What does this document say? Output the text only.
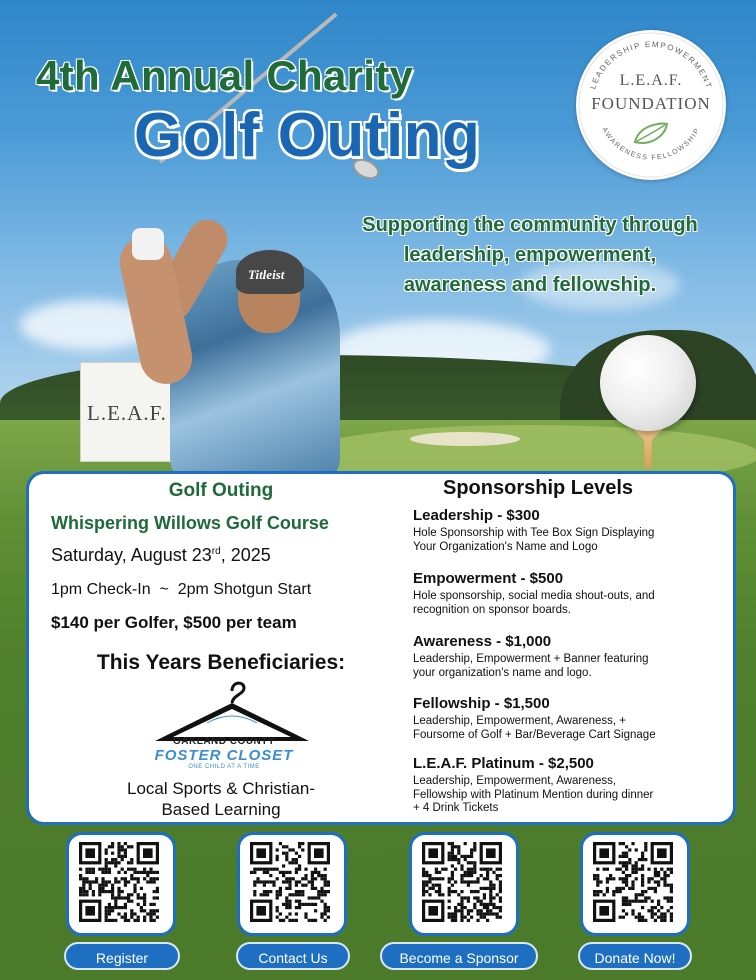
L.E.A.F.
Titleist
4th Annual Charity
Golf Outing
Supporting the community through
leadership, empowerment,
awareness and fellowship.
LEADERSHIP EMPOWERMENT
AWARENESS FELLOWSHIP
L.E.A.F.
FOUNDATION
Golf Outing
Whispering Willows Golf Course
Saturday, August 23rd, 2025
1pm Check-In  ~  2pm Shotgun Start
$140 per Golfer, $500 per team
This Years Beneficiaries:
OAKLAND COUNTY
FOSTER CLOSET
ONE CHILD AT A TIME
Local Sports & Christian-
Based Learning
Sponsorship Levels
Leadership - $300
Hole Sponsorship with Tee Box Sign Displaying
Your Organization's Name and Logo
Empowerment - $500
Hole sponsorship, social media shout-outs, and
recognition on sponsor boards.
Awareness - $1,000
Leadership, Empowerment + Banner featuring
your organization's name and logo.
Fellowship - $1,500
Leadership, Empowerment, Awareness, +
Foursome of Golf + Bar/Beverage Cart Signage
L.E.A.F. Platinum - $2,500
Leadership, Empowerment, Awareness,
Fellowship with Platinum Mention during dinner
+ 4 Drink Tickets
Register	Contact Us	Become a Sponsor	Donate Now!
